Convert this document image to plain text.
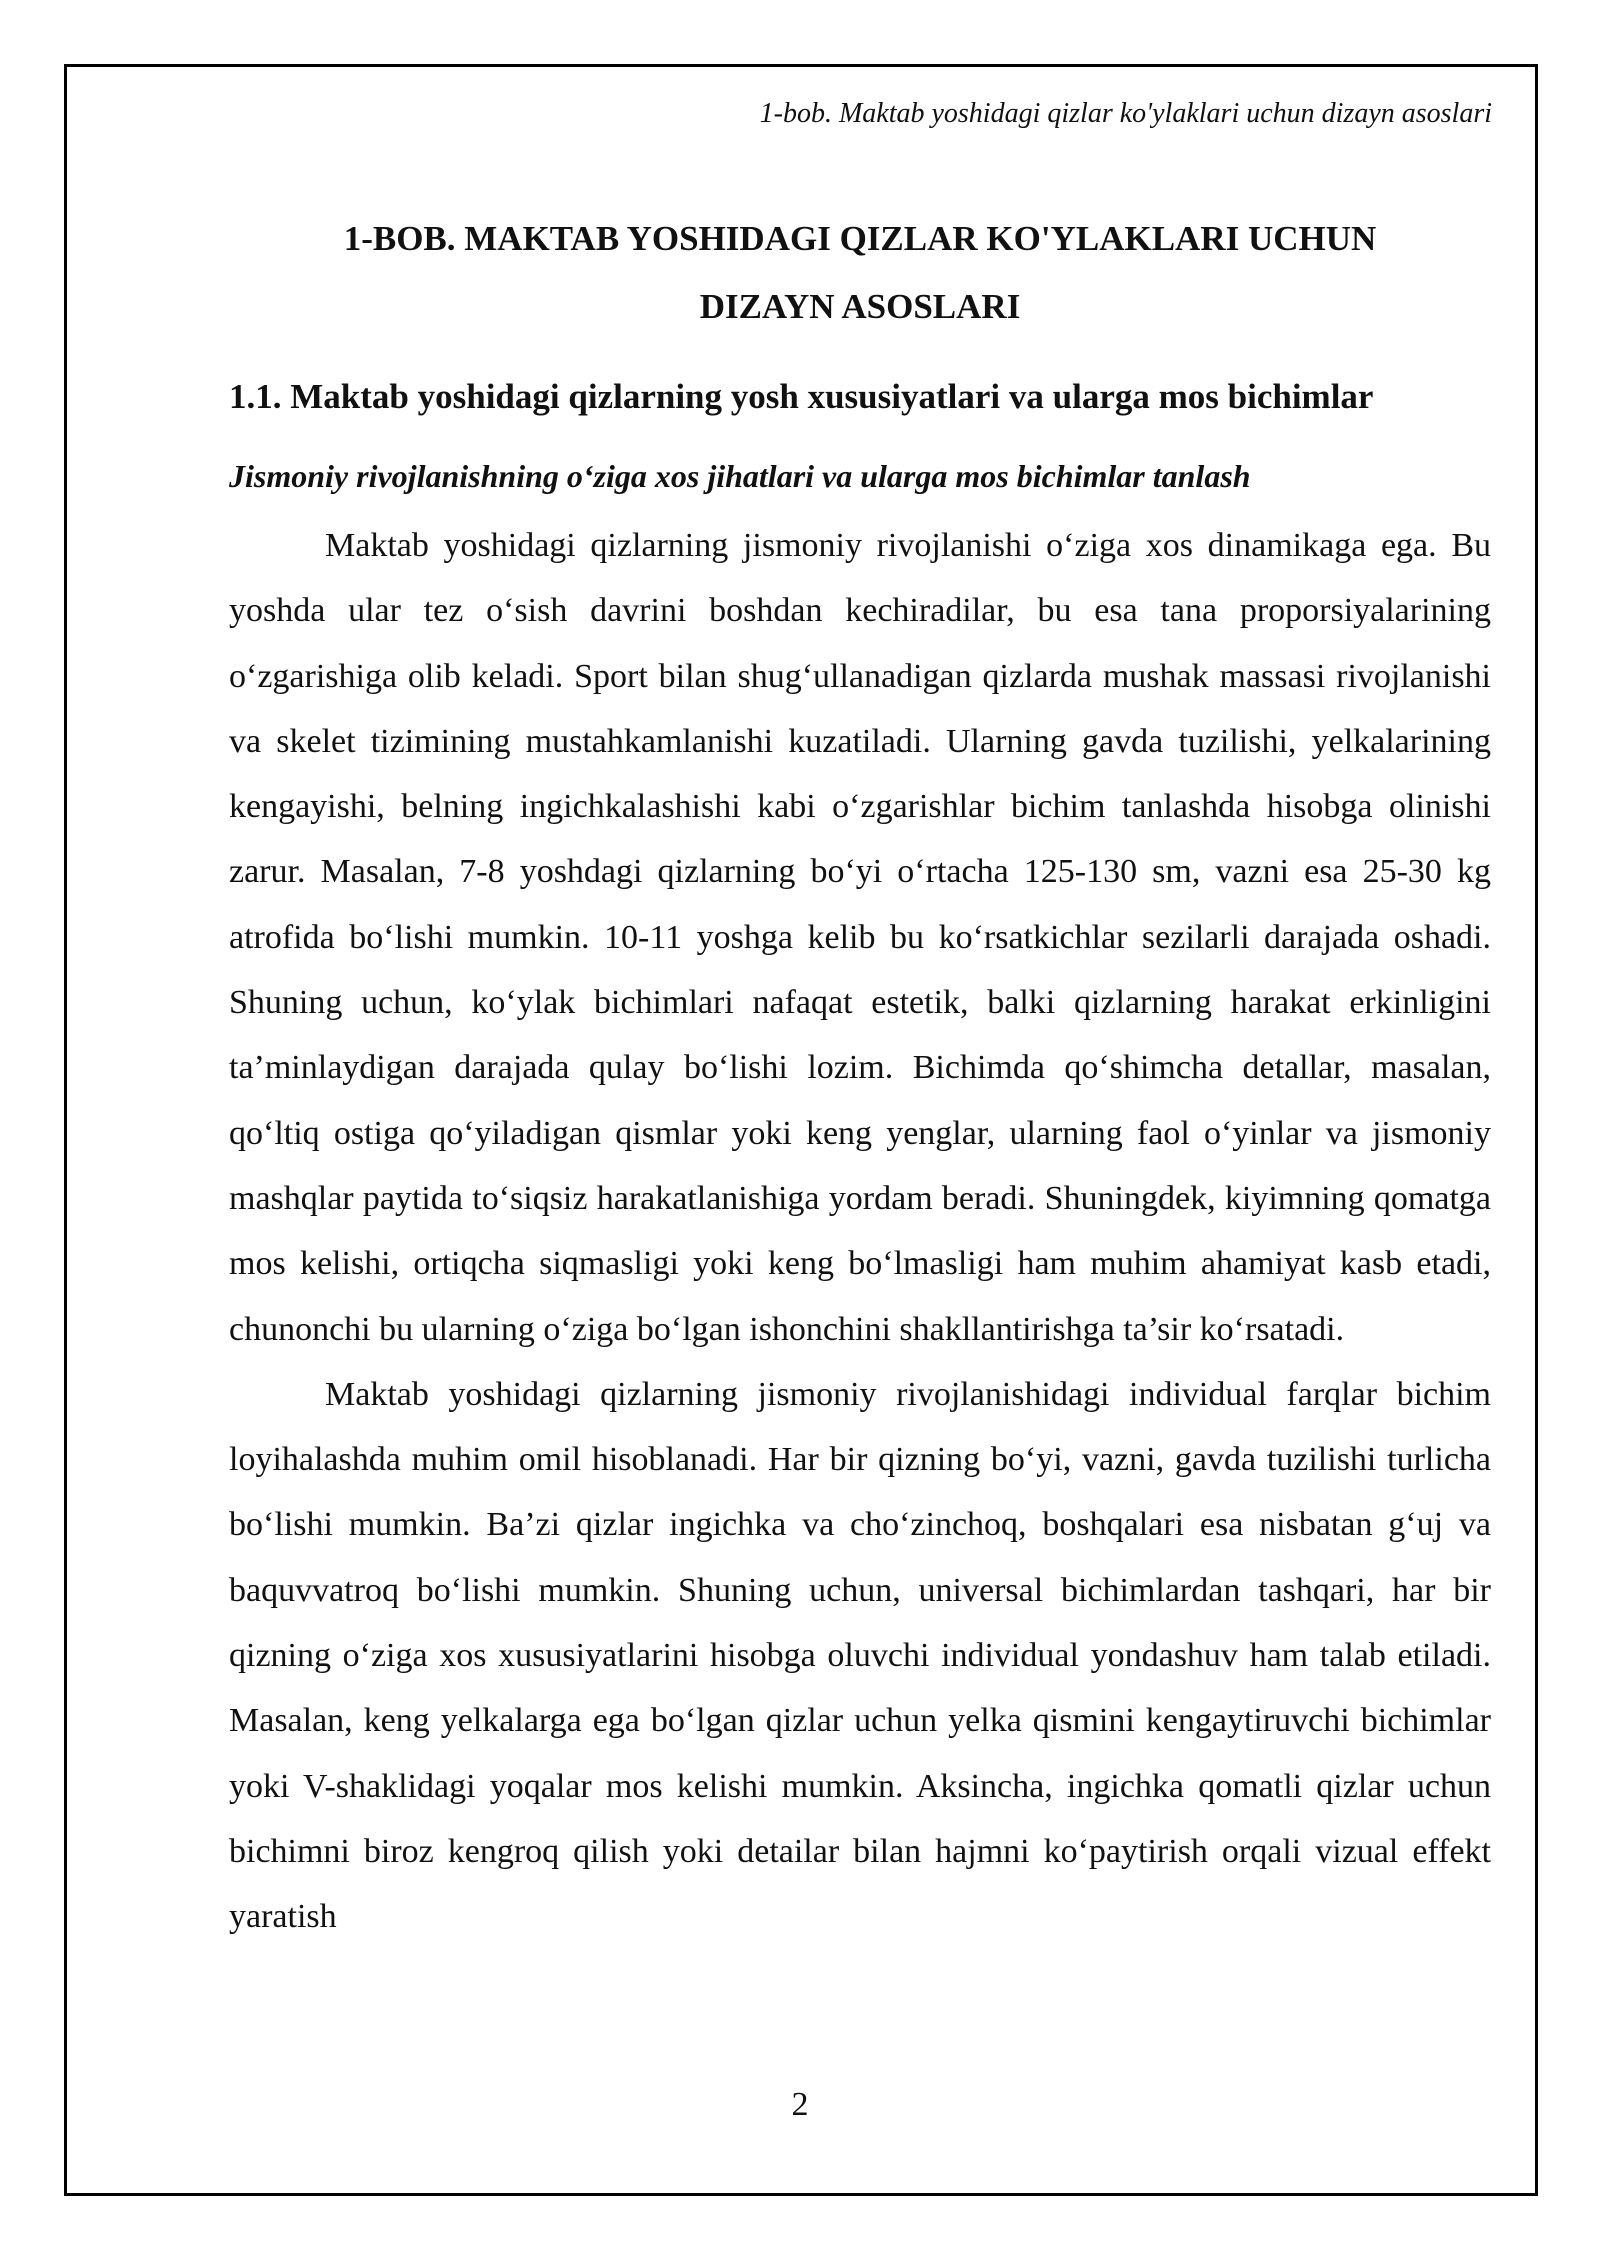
1-bob. Maktab yoshidagi qizlar ko'ylaklari uchun dizayn asoslari
1-BOB. MAKTAB YOSHIDAGI QIZLAR KO'YLAKLARI UCHUN DIZAYN ASOSLARI
1.1. Maktab yoshidagi qizlarning yosh xususiyatlari va ularga mos bichimlar
Jismoniy rivojlanishning o‘ziga xos jihatlari va ularga mos bichimlar tanlash

Maktab yoshidagi qizlarning jismoniy rivojlanishi o‘ziga xos dinamikaga ega. Bu yoshda ular tez o‘sish davrini boshdan kechiradilar, bu esa tana proporsiyalarining o‘zgarishiga olib keladi. Sport bilan shug‘ullanadigan qizlarda mushak massasi rivojlanishi va skelet tizimining mustahkamlanishi kuzatiladi. Ularning gavda tuzilishi, yelkalarining kengayishi, belning ingichkalashishi kabi o‘zgarishlar bichim tanlashda hisobga olinishi zarur. Masalan, 7-8 yoshdagi qizlarning bo‘yi o‘rtacha 125-130 sm, vazni esa 25-30 kg atrofida bo‘lishi mumkin. 10-11 yoshga kelib bu ko‘rsatkichlar sezilarli darajada oshadi. Shuning uchun, ko‘ylak bichimlari nafaqat estetik, balki qizlarning harakat erkinligini ta’minlaydigan darajada qulay bo‘lishi lozim. Bichimda qo‘shimcha detallar, masalan, qo‘ltiq ostiga qo‘yiladigan qismlar yoki keng yenglar, ularning faol o‘yinlar va jismoniy mashqlar paytida to‘siqsiz harakatlanishiga yordam beradi. Shuningdek, kiyimning qomatga mos kelishi, ortiqcha siqmasligi yoki keng bo‘lmasligi ham muhim ahamiyat kasb etadi, chunonchi bu ularning o‘ziga bo‘lgan ishonchini shakllantirishga ta’sir ko‘rsatadi.

Maktab yoshidagi qizlarning jismoniy rivojlanishidagi individual farqlar bichim loyihalashda muhim omil hisoblanadi. Har bir qizning bo‘yi, vazni, gavda tuzilishi turlicha bo‘lishi mumkin. Ba’zi qizlar ingichka va cho‘zinchoq, boshqalari esa nisbatan g‘uj va baquvvatroq bo‘lishi mumkin. Shuning uchun, universal bichimlardan tashqari, har bir qizning o‘ziga xos xususiyatlarini hisobga oluvchi individual yondashuv ham talab etiladi. Masalan, keng yelkalarga ega bo‘lgan qizlar uchun yelka qismini kengaytiruvchi bichimlar yoki V-shaklidagi yoqalar mos kelishi mumkin. Aksincha, ingichka qomatli qizlar uchun bichimni biroz kengroq qilish yoki detailar bilan hajmni ko‘paytirish orqali vizual effekt yaratish

2
